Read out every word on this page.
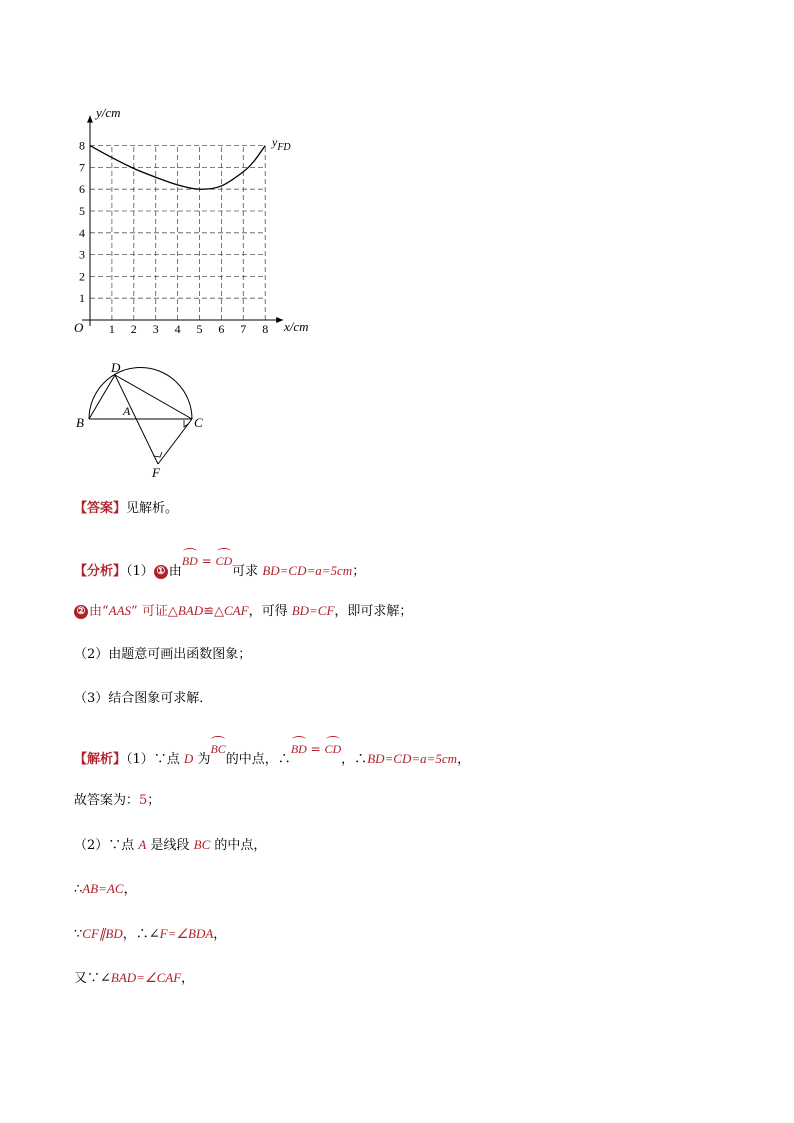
1 2 3 4 5 6 7 8
1
2
3
4
5
6
7
8
y/cm
x/cm
O
$y_{FD}$
D
B
A
C
F
【答案】见解析。
【分析】（1） ① 由BD = CD可求 BD=CD=a=5cm；
② 由“AAS” 可证△BAD≌△CAF，可得 BD=CF，即可求解；
（2）由题意可画出函数图象；
（3）结合图象可求解．
【解析】（1）∵点 D 为BC的中点，∴BD = CD，∴BD=CD=a=5cm，
故答案为：5；
（2）∵点 A 是线段 BC 的中点，
∴AB=AC，
∵CF∥BD，∴∠F=∠BDA，
又∵∠BAD=∠CAF，
